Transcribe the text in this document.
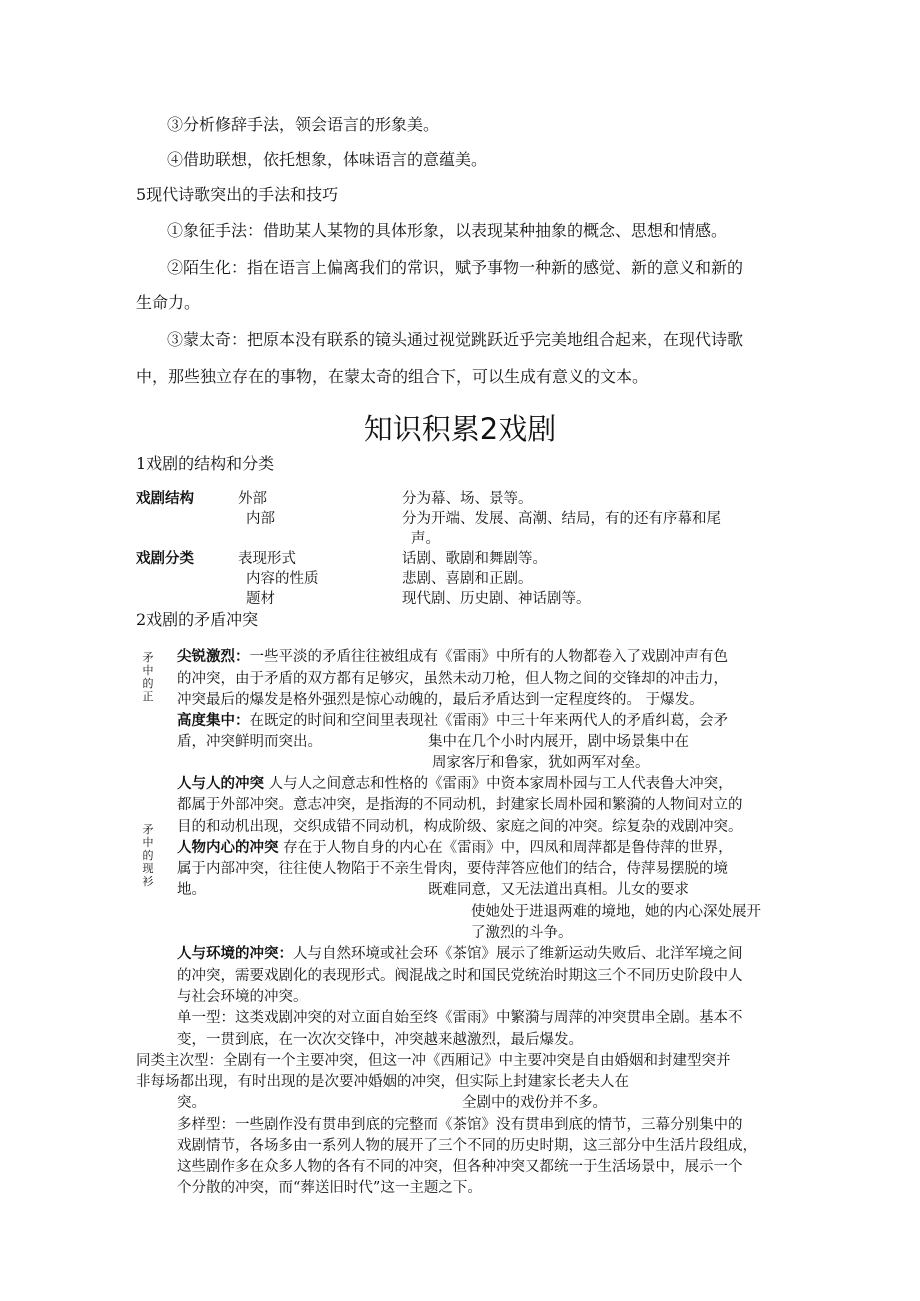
③分析修辞手法，领会语言的形象美。
④借助联想，依托想象，体味语言的意蕴美。
5现代诗歌突出的手法和技巧
①象征手法：借助某人某物的具体形象，以表现某种抽象的概念、思想和情感。
②陌生化：指在语言上偏离我们的常识，赋予事物一种新的感觉、新的意义和新的
生命力。
③蒙太奇：把原本没有联系的镜头通过视觉跳跃近乎完美地组合起来，在现代诗歌
中，那些独立存在的事物，在蒙太奇的组合下，可以生成有意义的文本。
知识积累2戏剧
1戏剧的结构和分类
戏剧结构	外部	分为幕、场、景等。
内部	分为开端、发展、高潮、结局，有的还有序幕和尾
声。
戏剧分类	表现形式	话剧、歌剧和舞剧等。
内容的性质	悲剧、喜剧和正剧。
题材	现代剧、历史剧、神话剧等。
2戏剧的矛盾冲突
矛中的正
矛中的现衫
尖锐激烈：一些平淡的矛盾往往被组成有《雷雨》中所有的人物都卷入了戏剧冲声有色
的冲突，由于矛盾的双方都有足够灾，虽然未动刀枪，但人物之间的交锋却的冲击力，
冲突最后的爆发是格外强烈是惊心动魄的，最后矛盾达到一定程度终的。 于爆发。
高度集中：在既定的时间和空间里表现社《雷雨》中三十年来两代人的矛盾纠葛，会矛
盾，冲突鲜明而突出。	集中在几个小时内展开，剧中场景集中在
周家客厅和鲁家，犹如两军对垒。
人与人的冲突 人与人之间意志和性格的《雷雨》中资本家周朴园与工人代表鲁大冲突，
都属于外部冲突。意志冲突，是指海的不同动机，封建家长周朴园和繁漪的人物间对立的
目的和动机出现，交织成错不同动机，构成阶级、家庭之间的冲突。综复杂的戏剧冲突。
人物内心的冲突 存在于人物自身的内心在《雷雨》中，四凤和周萍都是鲁侍萍的世界，
属于内部冲突，往往使人物陷于不亲生骨肉，要侍萍答应他们的结合，侍萍易摆脱的境
地。	既难同意，又无法道出真相。儿女的要求
使她处于进退两难的境地，她的内心深处展开
了激烈的斗争。
人与环境的冲突：人与自然环境或社会环《茶馆》展示了维新运动失败后、北洋军境之间
的冲突，需要戏剧化的表现形式。阀混战之时和国民党统治时期这三个不同历史阶段中人
与社会环境的冲突。
单一型：这类戏剧冲突的对立面自始至终《雷雨》中繁漪与周萍的冲突贯串全剧。基本不
变，一贯到底，在一次次交锋中，冲突越来越激烈，最后爆发。
同类主次型：全剧有一个主要冲突，但这一冲《西厢记》中主要冲突是自由婚姻和封建型突并
非每场都出现，有时出现的是次要冲婚姻的冲突，但实际上封建家长老夫人在
突。	全剧中的戏份并不多。
多样型：一些剧作没有贯串到底的完整而《茶馆》没有贯串到底的情节，三幕分别集中的
戏剧情节，各场多由一系列人物的展开了三个不同的历史时期，这三部分中生活片段组成，
这些剧作多在众多人物的各有不同的冲突，但各种冲突又都统一于生活场景中，展示一个
个分散的冲突，而“葬送旧时代”这一主题之下。
